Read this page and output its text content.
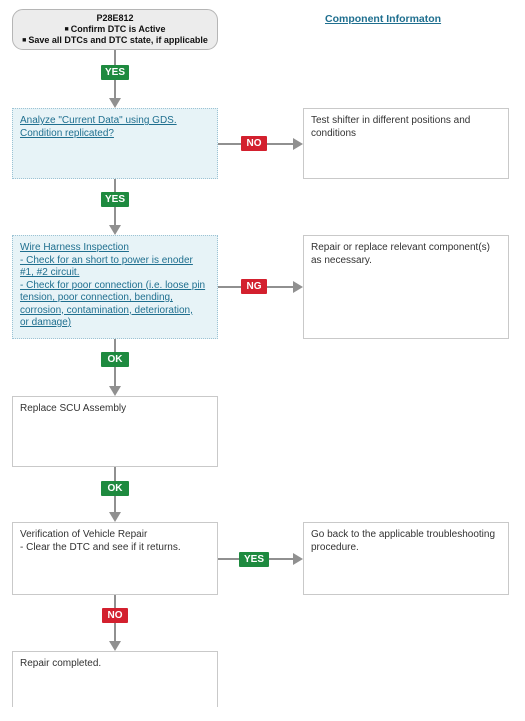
P28E812
■ Confirm DTC is Active
■ Save all DTCs and DTC state, if applicable
Component Informaton
YES
Analyze "Current Data" using GDS.
Condition replicated?
NO
Test shifter in different positions and
conditions
YES
Wire Harness Inspection
- Check for an short to power is enoder
#1, #2 circuit.
- Check for poor connection (i.e. loose pin
tension, poor connection, bending,
corrosion, contamination, deterioration,
or damage)
NG
Repair or replace relevant component(s)
as necessary.
OK
Replace SCU Assembly
OK
Verification of Vehicle Repair
- Clear the DTC and see if it returns.
YES
Go back to the applicable troubleshooting
procedure.
NO
Repair completed.
